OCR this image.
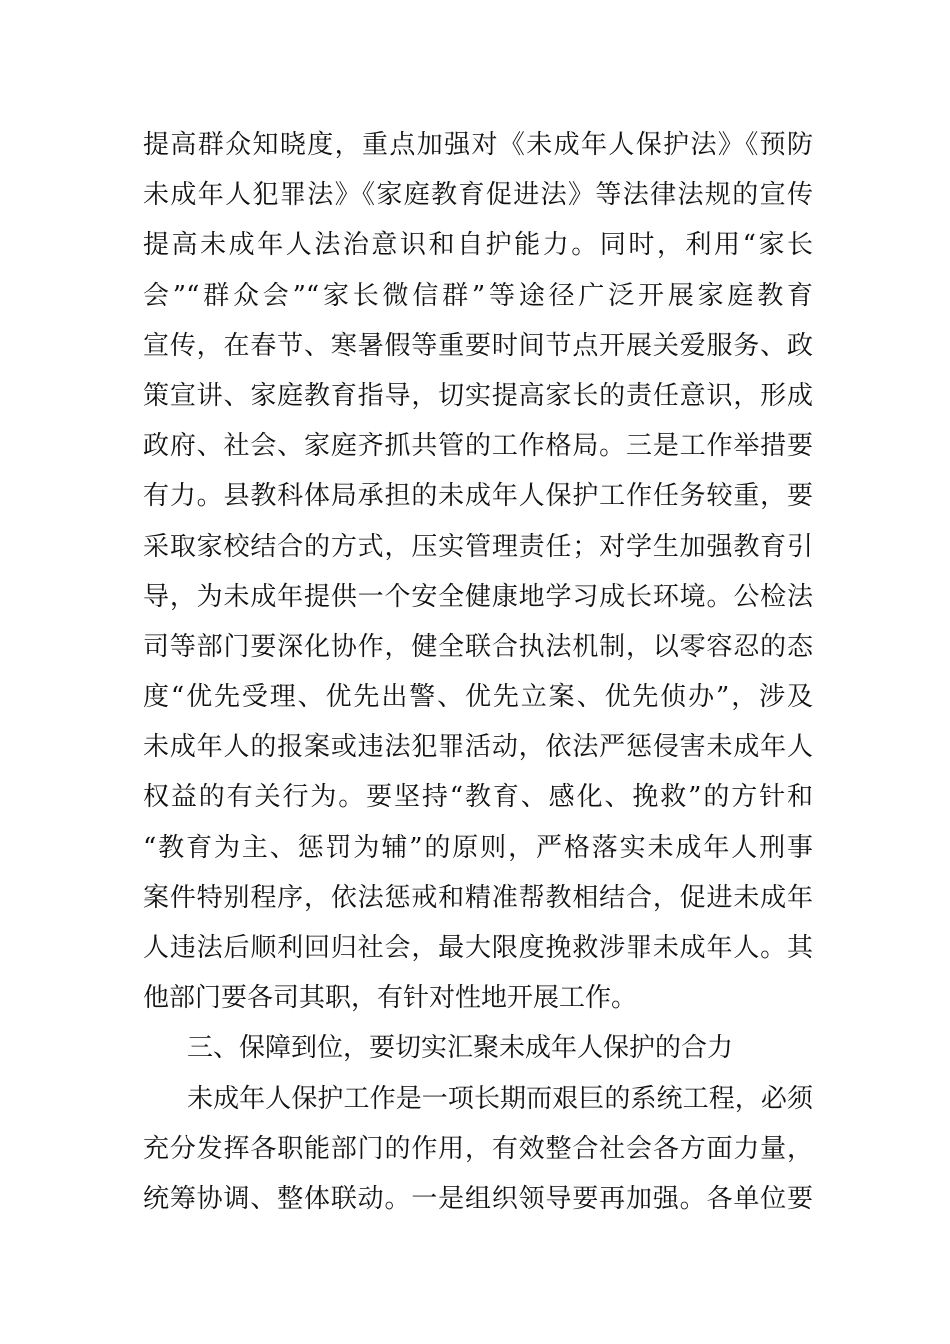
提高群众知晓度，重点加强对《未成年人保护法》《预防
未成年人犯罪法》《家庭教育促进法》等法律法规的宣传
提高未成年人法治意识和自护能力。同时，利用“家长
会”“群众会”“家长微信群”等途径广泛开展家庭教育
宣传，在春节、寒暑假等重要时间节点开展关爱服务、政
策宣讲、家庭教育指导，切实提高家长的责任意识，形成
政府、社会、家庭齐抓共管的工作格局。三是工作举措要
有力。县教科体局承担的未成年人保护工作任务较重，要
采取家校结合的方式，压实管理责任；对学生加强教育引
导，为未成年提供一个安全健康地学习成长环境。公检法
司等部门要深化协作，健全联合执法机制，以零容忍的态
度“优先受理、优先出警、优先立案、优先侦办”，涉及
未成年人的报案或违法犯罪活动，依法严惩侵害未成年人
权益的有关行为。要坚持“教育、感化、挽救”的方针和
“教育为主、惩罚为辅”的原则，严格落实未成年人刑事
案件特别程序，依法惩戒和精准帮教相结合，促进未成年
人违法后顺利回归社会，最大限度挽救涉罪未成年人。其
他部门要各司其职，有针对性地开展工作。
三、保障到位，要切实汇聚未成年人保护的合力
未成年人保护工作是一项长期而艰巨的系统工程，必须
充分发挥各职能部门的作用，有效整合社会各方面力量，
统筹协调、整体联动。一是组织领导要再加强。各单位要
